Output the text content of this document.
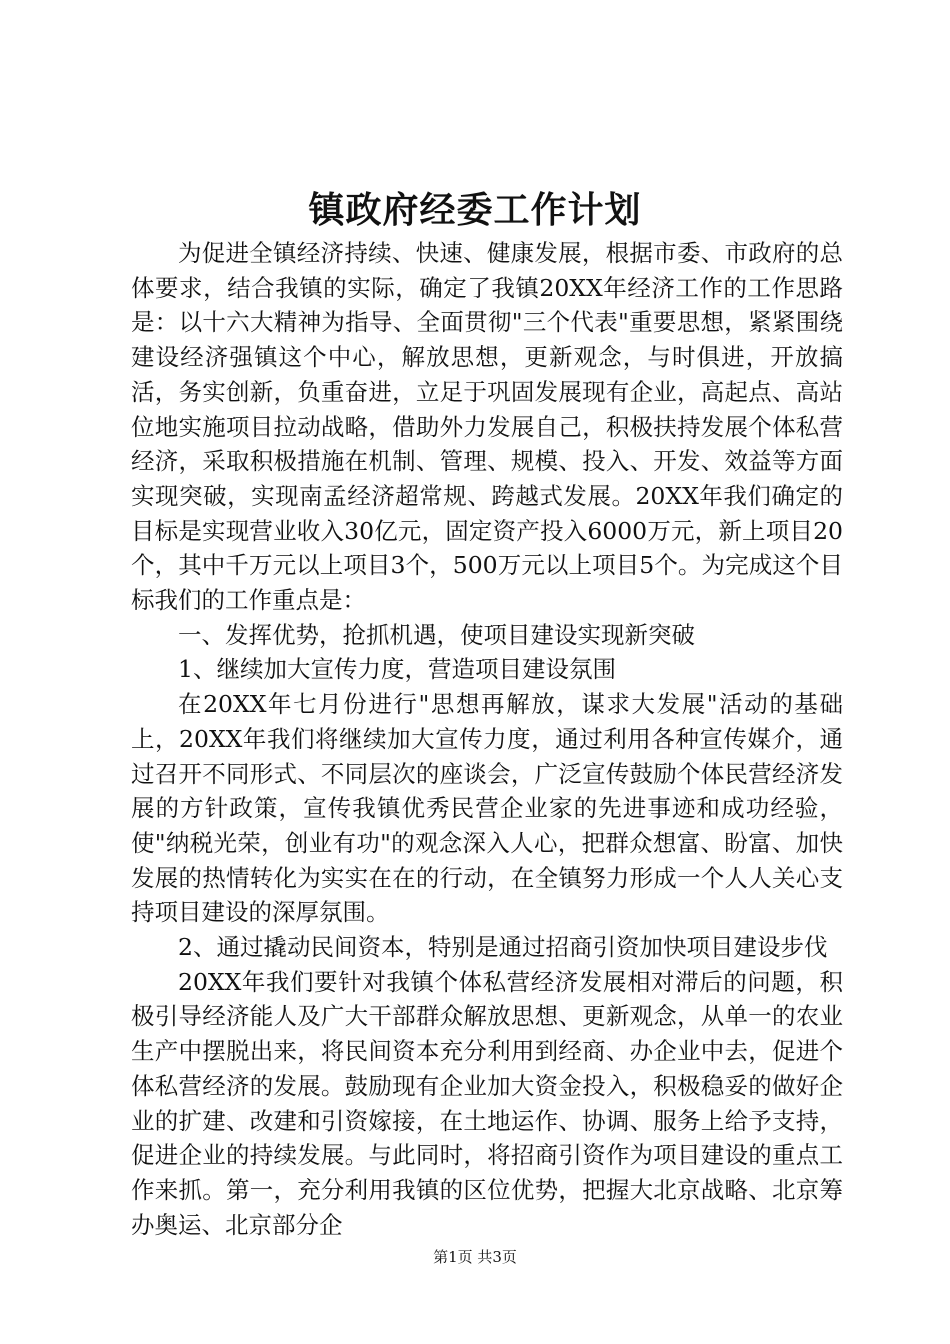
镇政府经委工作计划

为促进全镇经济持续、快速、健康发展，根据市委、市政府的总体要求，结合我镇的实际，确定了我镇20XX年经济工作的工作思路是：以十六大精神为指导、全面贯彻"三个代表"重要思想，紧紧围绕建设经济强镇这个中心，解放思想，更新观念，与时俱进，开放搞活，务实创新，负重奋进，立足于巩固发展现有企业，高起点、高站位地实施项目拉动战略，借助外力发展自己，积极扶持发展个体私营经济，采取积极措施在机制、管理、规模、投入、开发、效益等方面实现突破，实现南孟经济超常规、跨越式发展。20XX年我们确定的目标是实现营业收入30亿元，固定资产投入6000万元，新上项目20个，其中千万元以上项目3个，500万元以上项目5个。为完成这个目标我们的工作重点是：

一、发挥优势，抢抓机遇，使项目建设实现新突破

1、继续加大宣传力度，营造项目建设氛围

在20XX年七月份进行"思想再解放，谋求大发展"活动的基础上，20XX年我们将继续加大宣传力度，通过利用各种宣传媒介，通过召开不同形式、不同层次的座谈会，广泛宣传鼓励个体民营经济发展的方针政策，宣传我镇优秀民营企业家的先进事迹和成功经验，使"纳税光荣，创业有功"的观念深入人心，把群众想富、盼富、加快发展的热情转化为实实在在的行动，在全镇努力形成一个人人关心支持项目建设的深厚氛围。

2、通过撬动民间资本，特别是通过招商引资加快项目建设步伐

20XX年我们要针对我镇个体私营经济发展相对滞后的问题，积极引导经济能人及广大干部群众解放思想、更新观念，从单一的农业生产中摆脱出来，将民间资本充分利用到经商、办企业中去，促进个体私营经济的发展。鼓励现有企业加大资金投入，积极稳妥的做好企业的扩建、改建和引资嫁接，在土地运作、协调、服务上给予支持，促进企业的持续发展。与此同时，将招商引资作为项目建设的重点工作来抓。第一，充分利用我镇的区位优势，把握大北京战略、北京筹办奥运、北京部分企

第1页 共3页
